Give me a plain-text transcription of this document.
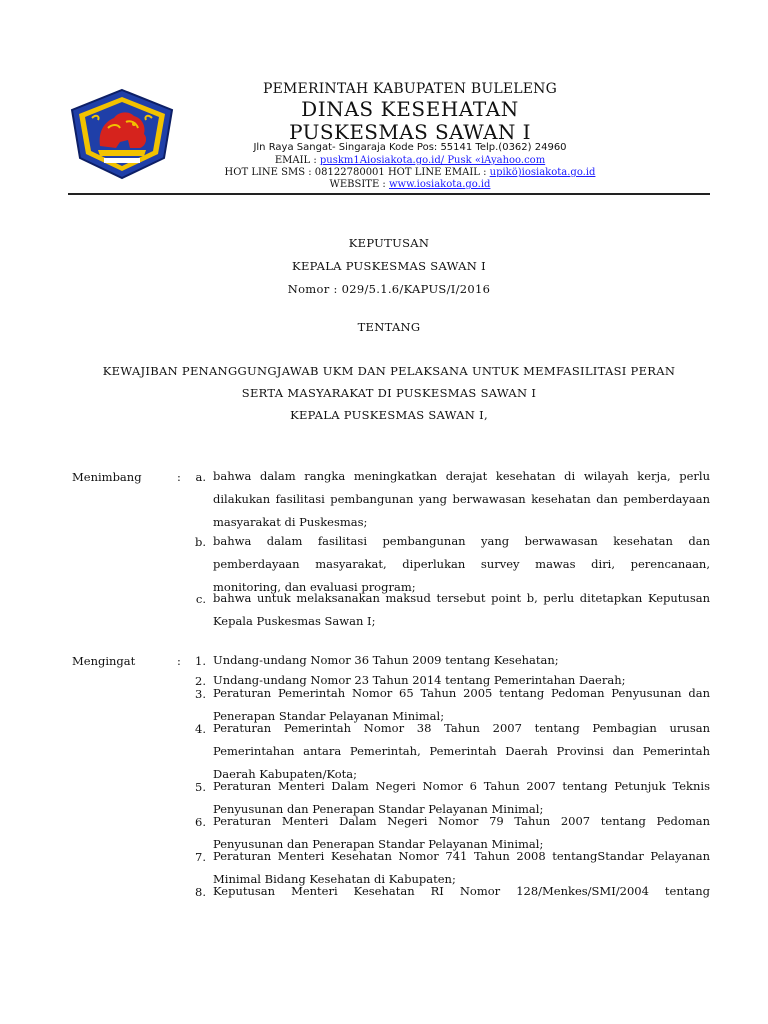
PEMERINTAH KABUPATEN BULELENG
DINAS KESEHATAN
PUSKESMAS SAWAN I
Jln Raya Sangat- Singaraja Kode Pos: 55141 Telp.(0362) 24960
EMAIL : puskm1Aiosiakota.go.id/ Pusk «iAyahoo.com
HOT LINE SMS : 08122780001 HOT LINE EMAIL : upikö)iosiakota.go.id
WEBSITE : www.iosiakota.go.id
KEPUTUSAN
KEPALA PUSKESMAS SAWAN I
Nomor : 029/5.1.6/KAPUS/I/2016
TENTANG
KEWAJIBAN PENANGGUNGJAWAB UKM DAN PELAKSANA UNTUK MEMFASILITASI PERAN
SERTA MASYARAKAT DI PUSKESMAS SAWAN I
KEPALA PUSKESMAS SAWAN I,
Menimbang	:	a. bahwa dalam rangka meningkatkan derajat kesehatan di wilayah kerja, perlu
dilakukan fasilitasi pembangunan yang berwawasan kesehatan dan pemberdayaan
masyarakat di Puskesmas;
b. bahwa dalam fasilitasi pembangunan yang berwawasan kesehatan dan
pemberdayaan masyarakat, diperlukan survey mawas diri, perencanaan,
monitoring, dan evaluasi program;
c. bahwa untuk melaksanakan maksud tersebut point b, perlu ditetapkan Keputusan
Kepala Puskesmas Sawan I;
Mengingat	:	1. Undang-undang Nomor 36 Tahun 2009 tentang Kesehatan;
2. Undang-undang Nomor 23 Tahun 2014 tentang Pemerintahan Daerah;
3. Peraturan Pemerintah Nomor 65 Tahun 2005 tentang Pedoman Penyusunan dan
Penerapan Standar Pelayanan Minimal;
4. Peraturan Pemerintah Nomor 38 Tahun 2007 tentang Pembagian urusan
Pemerintahan antara Pemerintah, Pemerintah Daerah Provinsi dan Pemerintah
Daerah Kabupaten/Kota;
5. Peraturan Menteri Dalam Negeri Nomor 6 Tahun 2007 tentang Petunjuk Teknis
Penyusunan dan Penerapan Standar Pelayanan Minimal;
6. Peraturan Menteri Dalam Negeri Nomor 79 Tahun 2007 tentang Pedoman
Penyusunan dan Penerapan Standar Pelayanan Minimal;
7. Peraturan Menteri Kesehatan Nomor 741 Tahun 2008 tentangStandar Pelayanan
Minimal Bidang Kesehatan di Kabupaten;
8. Keputusan Menteri Kesehatan RI Nomor 128/Menkes/SMI/2004 tentang
